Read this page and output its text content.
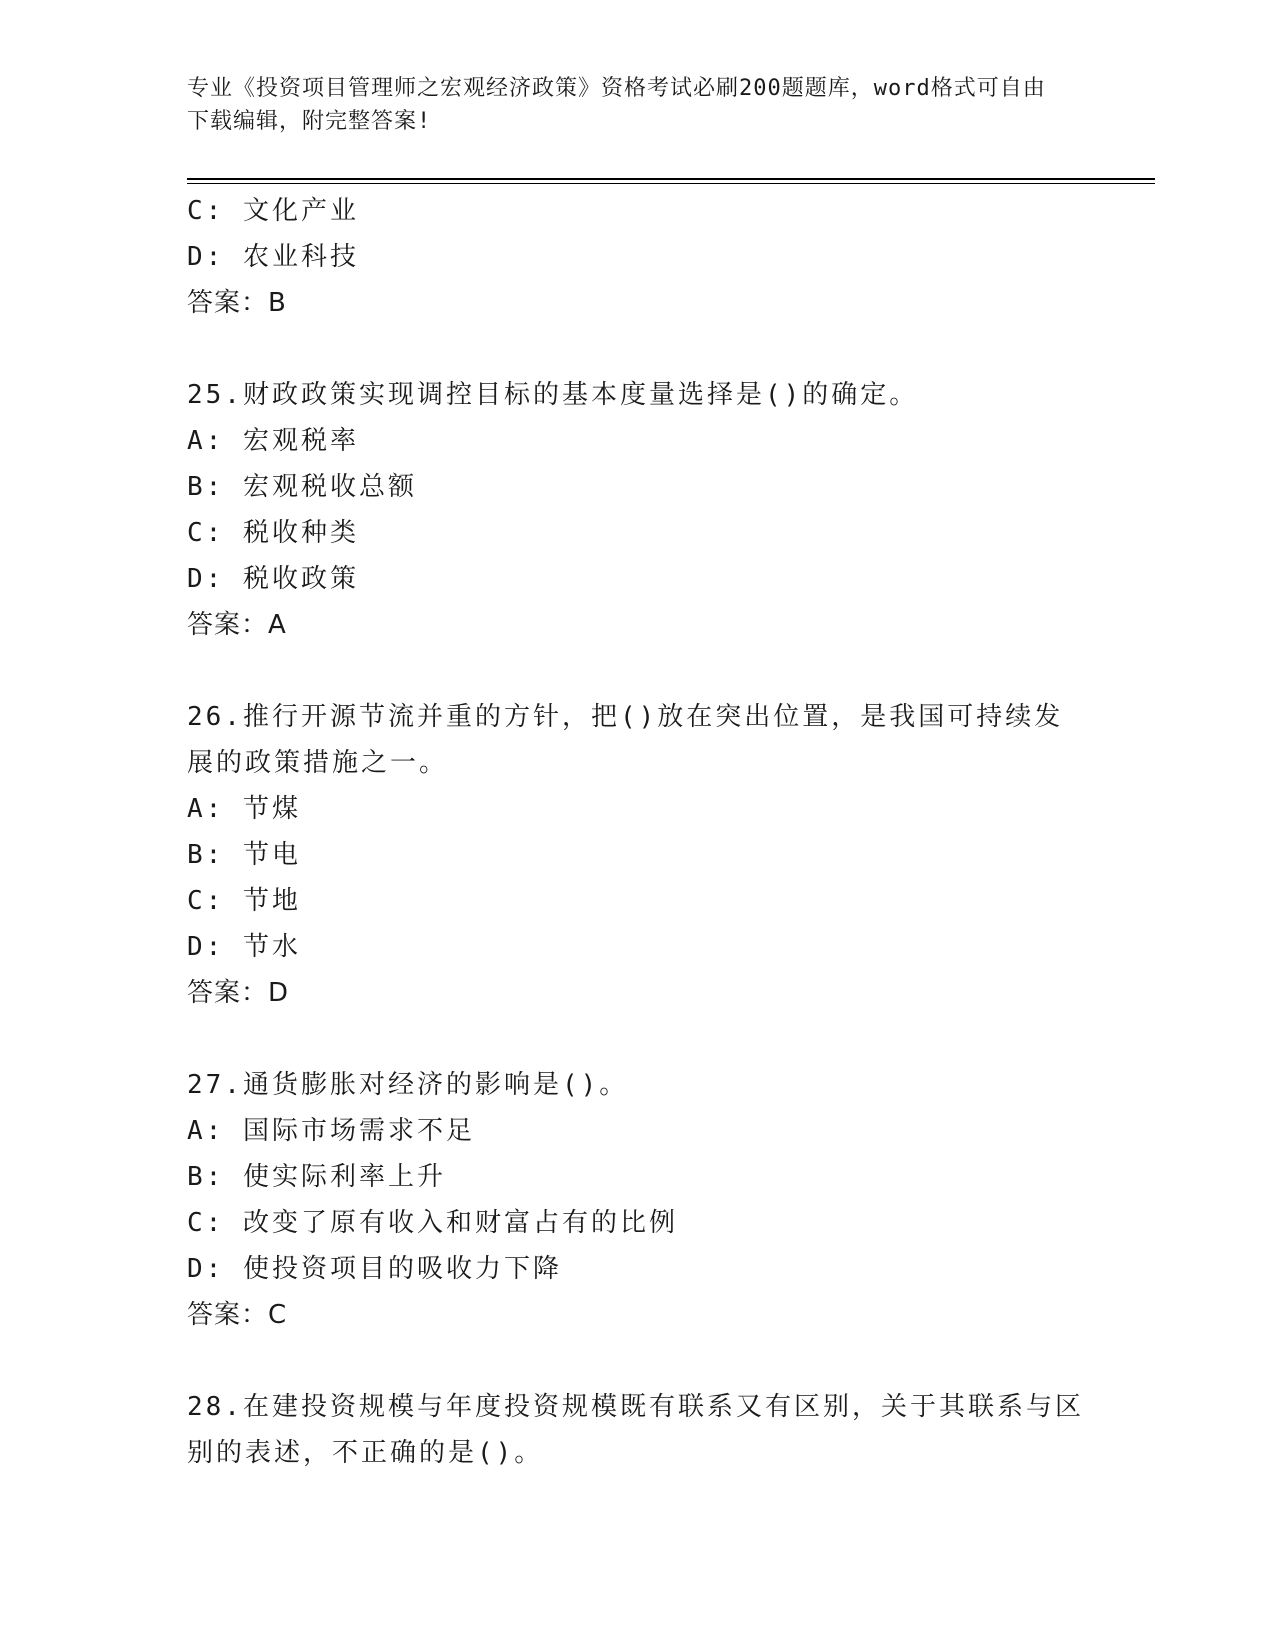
专业《投资项目管理师之宏观经济政策》资格考试必刷200题题库，word格式可自由下载编辑，附完整答案!
C: 文化产业
D: 农业科技
答案：B
25.财政政策实现调控目标的基本度量选择是()的确定。
A: 宏观税率
B: 宏观税收总额
C: 税收种类
D: 税收政策
答案：A
26.推行开源节流并重的方针，把()放在突出位置，是我国可持续发展的政策措施之一。
A: 节煤
B: 节电
C: 节地
D: 节水
答案：D
27.通货膨胀对经济的影响是()。
A: 国际市场需求不足
B: 使实际利率上升
C: 改变了原有收入和财富占有的比例
D: 使投资项目的吸收力下降
答案：C
28.在建投资规模与年度投资规模既有联系又有区别，关于其联系与区别的表述，不正确的是()。
